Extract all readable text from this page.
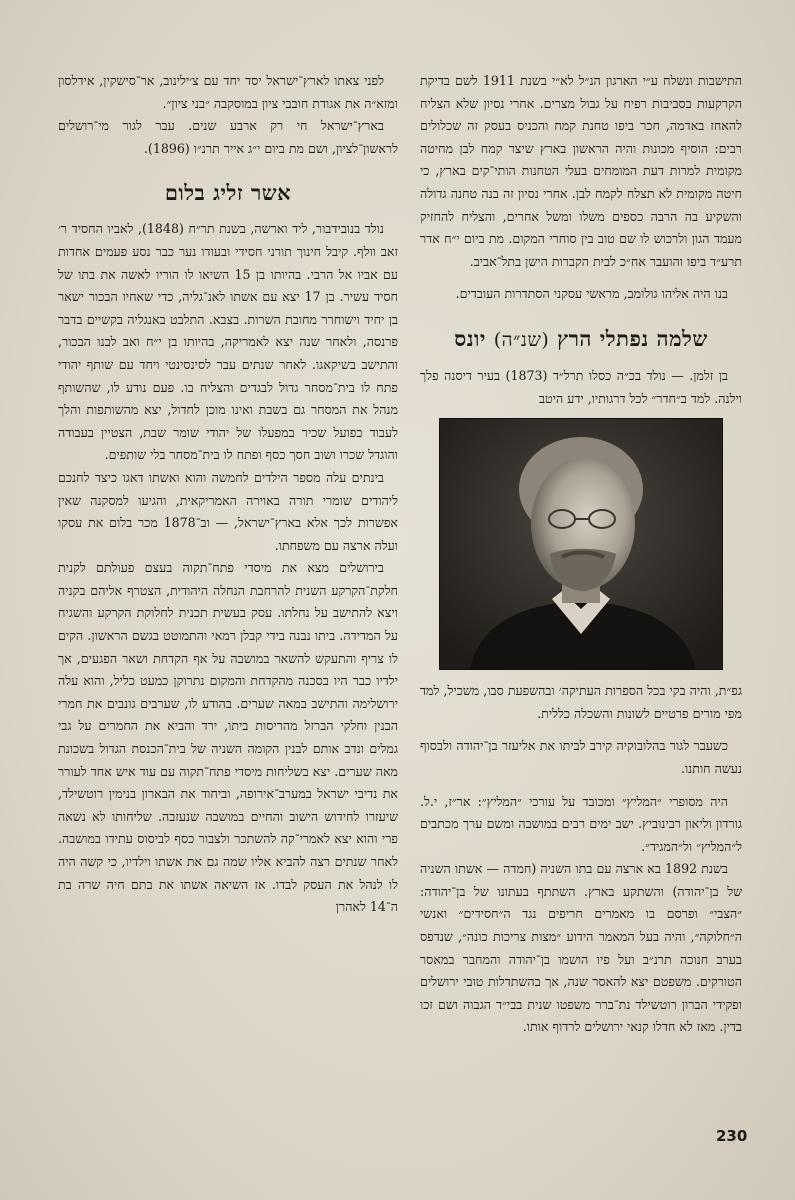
התישבות ונשלח ע״י הארגון הנ״ל לא״י בשנת 1911 לשם בדיקת הקרקעות בסביבות רפיח על גבול מצרים. אחרי נסיון שלא הצליח להאחז באדמה, חכר ביפו טחנת קמח והכניס בעסק זה שכלולים רבים: הוסיף מכונות והיה הראשון בארץ שיצר קמח לבן מחיטה מקומית למרות דעת המומחים בעלי הטחנות הותי־קים בארץ, כי חיטה מקומית לא תצלח לקמח לבן. אחרי נסיון זה בנה טחנה גדולה והשקיע בה הרבה כספים משלו ומשל אחרים, והצליח להחזיק מעמד הגון ולרכוש לו שם טוב בין סוחרי המקום. מת ביום י״ח אדר תרע״ד ביפו והועבר אח״כ לבית הקברות הישן בתל־אביב.

בנו היה אליהו גולומב, מראשי עסקני הסתדרות העובדים.

שלמה נפתלי הרץ (שנ״ה) יונס

בן זלמן. — נולד בכ״ה כסלו תרל״ד (1873) בעיר דיסנה פלך וילנה. למד ב״חדר״ לכל דרגותיו, ידע היטב

גפ״ת, והיה בקי בכל הספרות העתיקה׳ ובהשפעת סבו, משכיל, למד מפי מורים פרטיים לשונות והשכלה כללית.

כשעבר לגור בהלובוקיה קירב לביתו את אליעזר בן־יהודה ולבסוף נעשה חותנו.

היה מסופרי ״המליץ״ ומכובד על עורכי ״המליץ״: אר״ז, י.ל. גורדון וליאון רבינוביץ. ישב ימים רבים במושבה ומשם ערך מכתבים ל״המליץ״ ול״המגיד״.

בשנת 1892 בא ארצה עם בתו השניה (חמדה — אשתו השניה של בן־יהודה) והשתקע בארץ. השתתף בעתונו של בן־יהודה: ״הצבי״ ופרסם בו מאמרים חריפים נגד ה״חסידים״ ואנשי ה״חלוקה״, והיה בעל המאמר הידוע ״מצות צריכות כונה״, שנדפס בערב חנוכה תרנ״ב ועל פיו הושמו בן־יהודה והמחבר במאסר הטורקים. משפטם יצא להאסר שנה, אך בהשתדלות טובי ירושלים ופקידי הברון רוטשילד נת־ברר משפטו שנית בבי״ד הגבוה ושם זכו בדין. מאז לא חדלו קנאי ירושלים לרדוף אותו.

לפני צאתו לארץ־ישראל יסד יחד עם צ׳ילינוב, אר־סישקין, אידלסון ומזא״ה את אגודת חובבי ציון במוסקבה ״בני ציון״.

בארץ־ישראל חי רק ארבע שנים. עבר לגור מי־רושלים לראשון־לציון, ושם מת ביום י״ג אייר תרנ״ו (1896).

אשר זליג בלום

נולד בנובידבור, ליד וארשה, בשנת תר״ח (1848), לאביו החסיד ר׳ זאב וולף. קיבל חינוך תורני חסידי ובעודו נער כבר נסע פעמים אחדות עם אביו אל הרבי. בהיותו בן 15 השיאו לו הוריו לאשה את בתו של חסיד עשיר. בן 17 יצא עם אשתו לאנ־גליה, כדי שאחיו הבכור ישאר בן יחיד וישוחרר מחובת השרות. בצבא. התלבט באנגליה בקשיים בדבר פרנסה, ולאחר שנה יצא לאמריקה, בהיותו בן י״ח ואב לבנו הבכור, והתישב בשיקאגו. לאחר שנתים עבר לסינסינטי ויחד עם שותף יהודי פתח לו בית־מסחר גדול לבגדים והצליח בו. פעם נודע לו, שהשותף מנהל את המסחר גם בשבת ואינו מוכן לחדול, יצא מהשותפות והלך לעבוד כפועל שכיר במפעלו של יהודי שומר שבת, הצטיין בעבודה והוגדל שכרו ושוב חסך כסף ופתח לו בית־מסחר בלי שותפים.

בינתים עלה מספר הילדים לחמשה והוא ואשתו דאגו כיצד לחנכם ליהודים שומרי תורה באוירה האמריקאית, והגיעו למסקנה שאין אפשרות לכך אלא בארץ־ישראל, — וב־1878 מכר בלום את עסקו ועלה ארצה עם משפחתו.

בירושלים מצא את מיסדי פתח־תקוה בעצם פעולתם לקנית חלקת־הקרקע השנית להרחבת הנחלה היהודית, הצטרף אליהם בקניה ויצא להתישב על נחלתו. עסק בעשית תכנית לחלוקת הקרקע והשגיח על המדידה. ביתו נבנה בידי קבלן רמאי והתמוטט בגשם הראשון. הקים לו צריף והתעקש להשאר במושבה על אף הקדחת ושאר הפגעים, אך ילדיו כבר היו בסכנה מהקדחת והמקום נתרוקן כמעט כליל, והוא עלה ירושלימה והתישב במאה שערים. בהודע לו, שערבים גונבים את חמרי הבנין וחלקי הברזל מהריסות ביתו, ירד והביא את החמרים על גבי גמלים ונדב אותם לבנין הקומה השניה של בית־הכנסת הגדול בשכונת מאה שערים. יצא בשליחות מיסדי פתח־תקוה עם עוד איש אחד לעורר את נדיבי ישראל במערב־אירופה, וביחוד את הבארון בנימין רוטשילד, שיעזרו לחידוש הישוב והחיים במושבה שנעזבה. שליחותו לא נשאה פרי והוא יצא לאמרי־קה להשתכר ולצבור כסף לביסוס עתידו במושבה. לאחר שנתים רצה להביא אליו שמה גם את אשתו וילדיו, כי קשה היה לו לנהל את העסק לבדו. אז השיאה אשתו את בתם חיה שרה בת ה־14 לאהרן

230
